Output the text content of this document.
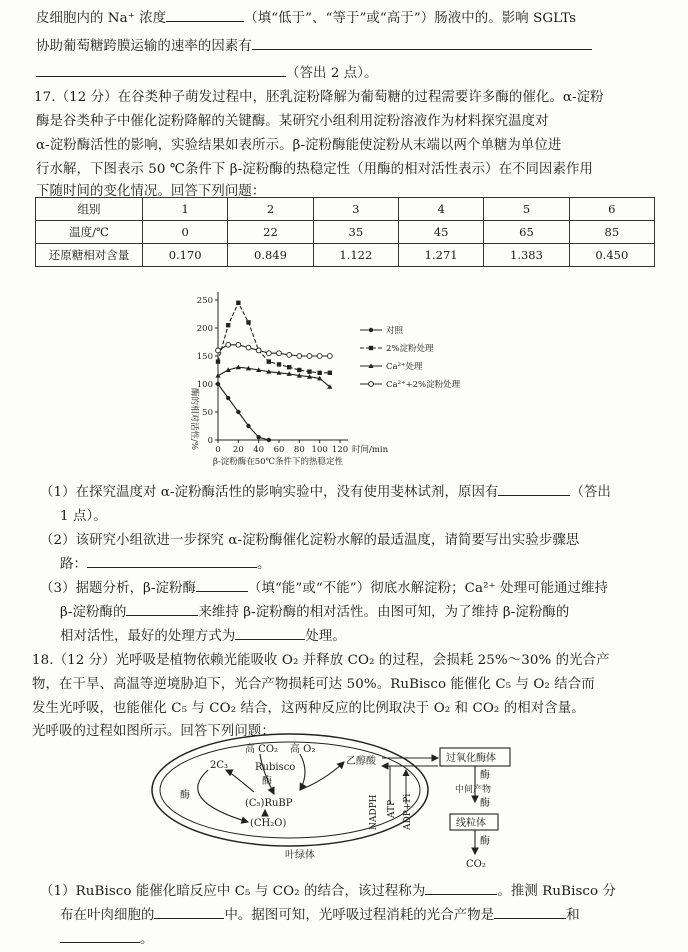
皮细胞内的 Na⁺ 浓度	（填“低于”、“等于”或“高于”）肠液中的。影响 SGLTs
协助葡萄糖跨膜运输的速率的因素有
（答出 2 点）。
17.（12 分）在谷类种子萌发过程中，胚乳淀粉降解为葡萄糖的过程需要许多酶的催化。α-淀粉
酶是谷类种子中催化淀粉降解的关键酶。某研究小组利用淀粉溶液作为材料探究温度对
α-淀粉酶活性的影响，实验结果如表所示。β-淀粉酶能使淀粉从末端以两个单糖为单位进
行水解，下图表示 50 ℃条件下 β-淀粉酶的热稳定性（用酶的相对活性表示）在不同因素作用
下随时间的变化情况。回答下列问题：
组别	1	2	3	4	5	6
温度/℃	0	22	35	45	65	85
还原糖相对含量	0.170	0.849	1.122	1.271	1.383	0.450
0
50
100
150
200
250
0 20 40 60 80 100 120 时间/min
酶的相对活性/%
β-淀粉酶在50℃条件下的热稳定性
对照
2%淀粉处理
Ca²⁺处理
Ca²⁺+2%淀粉处理
（1）在探究温度对 α-淀粉酶活性的影响实验中，没有使用斐林试剂，原因有	（答出
1 点）。
（2）该研究小组欲进一步探究 α-淀粉酶催化淀粉水解的最适温度，请简要写出实验步骤思
路：	。
（3）据题分析，β-淀粉酶	（填“能”或“不能”）彻底水解淀粉；Ca²⁺ 处理可能通过维持
β-淀粉酶的	来维持 β-淀粉酶的相对活性。由图可知，为了维持 β-淀粉酶的
相对活性，最好的处理方式为	处理。
18.（12 分）光呼吸是植物依赖光能吸收 O₂ 并释放 CO₂ 的过程，会损耗 25%～30% 的光合产
物，在干旱、高温等逆境胁迫下，光合产物损耗可达 50%。RuBisco 能催化 C₅ 与 O₂ 结合而
发生光呼吸，也能催化 C₅ 与 CO₂ 结合，这两种反应的比例取决于 O₂ 和 CO₂ 的相对含量。
光呼吸的过程如图所示。回答下列问题：
高 CO₂ 高 O₂
2C₃	Rubisco
酶
(C₅)RuBP
(CH₂O)
酶
乙醇酸
NADPH ATP ADP+Pi
叶绿体
过氧化酶体
酶
中间产物
酶
线粒体
酶
CO₂
（1）RuBisco 能催化暗反应中 C₅ 与 CO₂ 的结合，该过程称为	。推测 RuBisco 分
布在叶肉细胞的	中。据图可知，光呼吸过程消耗的光合产物是	和
。
